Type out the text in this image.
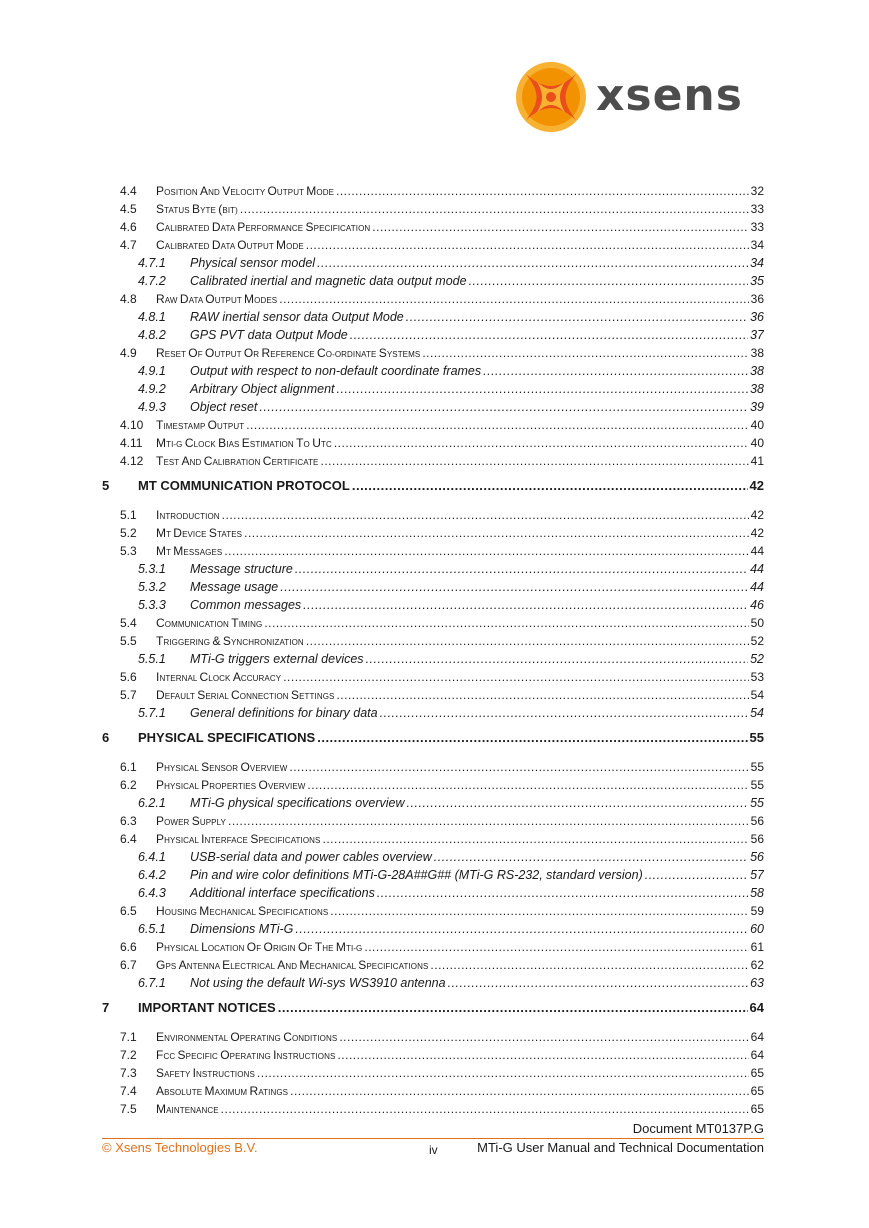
xsens
4.4	POSITION AND VELOCITY OUTPUT MODE .....	32
4.5	STATUS BYTE (BIT) .....	33
4.6	CALIBRATED DATA PERFORMANCE SPECIFICATION .....	33
4.7	CALIBRATED DATA OUTPUT MODE .....	34
4.7.1	Physical sensor model .....	34
4.7.2	Calibrated inertial and magnetic data output mode .....	35
4.8	RAW DATA OUTPUT MODES .....	36
4.8.1	RAW inertial sensor data Output Mode .....	36
4.8.2	GPS PVT data Output Mode .....	37
4.9	RESET OF OUTPUT OR REFERENCE CO-ORDINATE SYSTEMS .....	38
4.9.1	Output with respect to non-default coordinate frames .....	38
4.9.2	Arbitrary Object alignment .....	38
4.9.3	Object reset .....	39
4.10	TIMESTAMP OUTPUT .....	40
4.11	MTI-G CLOCK BIAS ESTIMATION TO UTC .....	40
4.12	TEST AND CALIBRATION CERTIFICATE .....	41
5	MT COMMUNICATION PROTOCOL .....	42
5.1	INTRODUCTION .....	42
5.2	MT DEVICE STATES .....	42
5.3	MT MESSAGES .....	44
5.3.1	Message structure .....	44
5.3.2	Message usage .....	44
5.3.3	Common messages .....	46
5.4	COMMUNICATION TIMING .....	50
5.5	TRIGGERING & SYNCHRONIZATION .....	52
5.5.1	MTi-G triggers external devices .....	52
5.6	INTERNAL CLOCK ACCURACY .....	53
5.7	DEFAULT SERIAL CONNECTION SETTINGS .....	54
5.7.1	General definitions for binary data .....	54
6	PHYSICAL SPECIFICATIONS .....	55
6.1	PHYSICAL SENSOR OVERVIEW .....	55
6.2	PHYSICAL PROPERTIES OVERVIEW .....	55
6.2.1	MTi-G physical specifications overview .....	55
6.3	POWER SUPPLY .....	56
6.4	PHYSICAL INTERFACE SPECIFICATIONS .....	56
6.4.1	USB-serial data and power cables overview .....	56
6.4.2	Pin and wire color definitions MTi-G-28A##G## (MTi-G RS-232, standard version) .....	57
6.4.3	Additional interface specifications .....	58
6.5	HOUSING MECHANICAL SPECIFICATIONS .....	59
6.5.1	Dimensions MTi-G .....	60
6.6	PHYSICAL LOCATION OF ORIGIN OF THE MTI-G .....	61
6.7	GPS ANTENNA ELECTRICAL AND MECHANICAL SPECIFICATIONS .....	62
6.7.1	Not using the default Wi-sys WS3910 antenna .....	63
7	IMPORTANT NOTICES .....	64
7.1	ENVIRONMENTAL OPERATING CONDITIONS .....	64
7.2	FCC SPECIFIC OPERATING INSTRUCTIONS .....	64
7.3	SAFETY INSTRUCTIONS .....	65
7.4	ABSOLUTE MAXIMUM RATINGS .....	65
7.5	MAINTENANCE .....	65
Document MT0137P.G
© Xsens Technologies B.V.	iv	MTi-G User Manual and Technical Documentation
